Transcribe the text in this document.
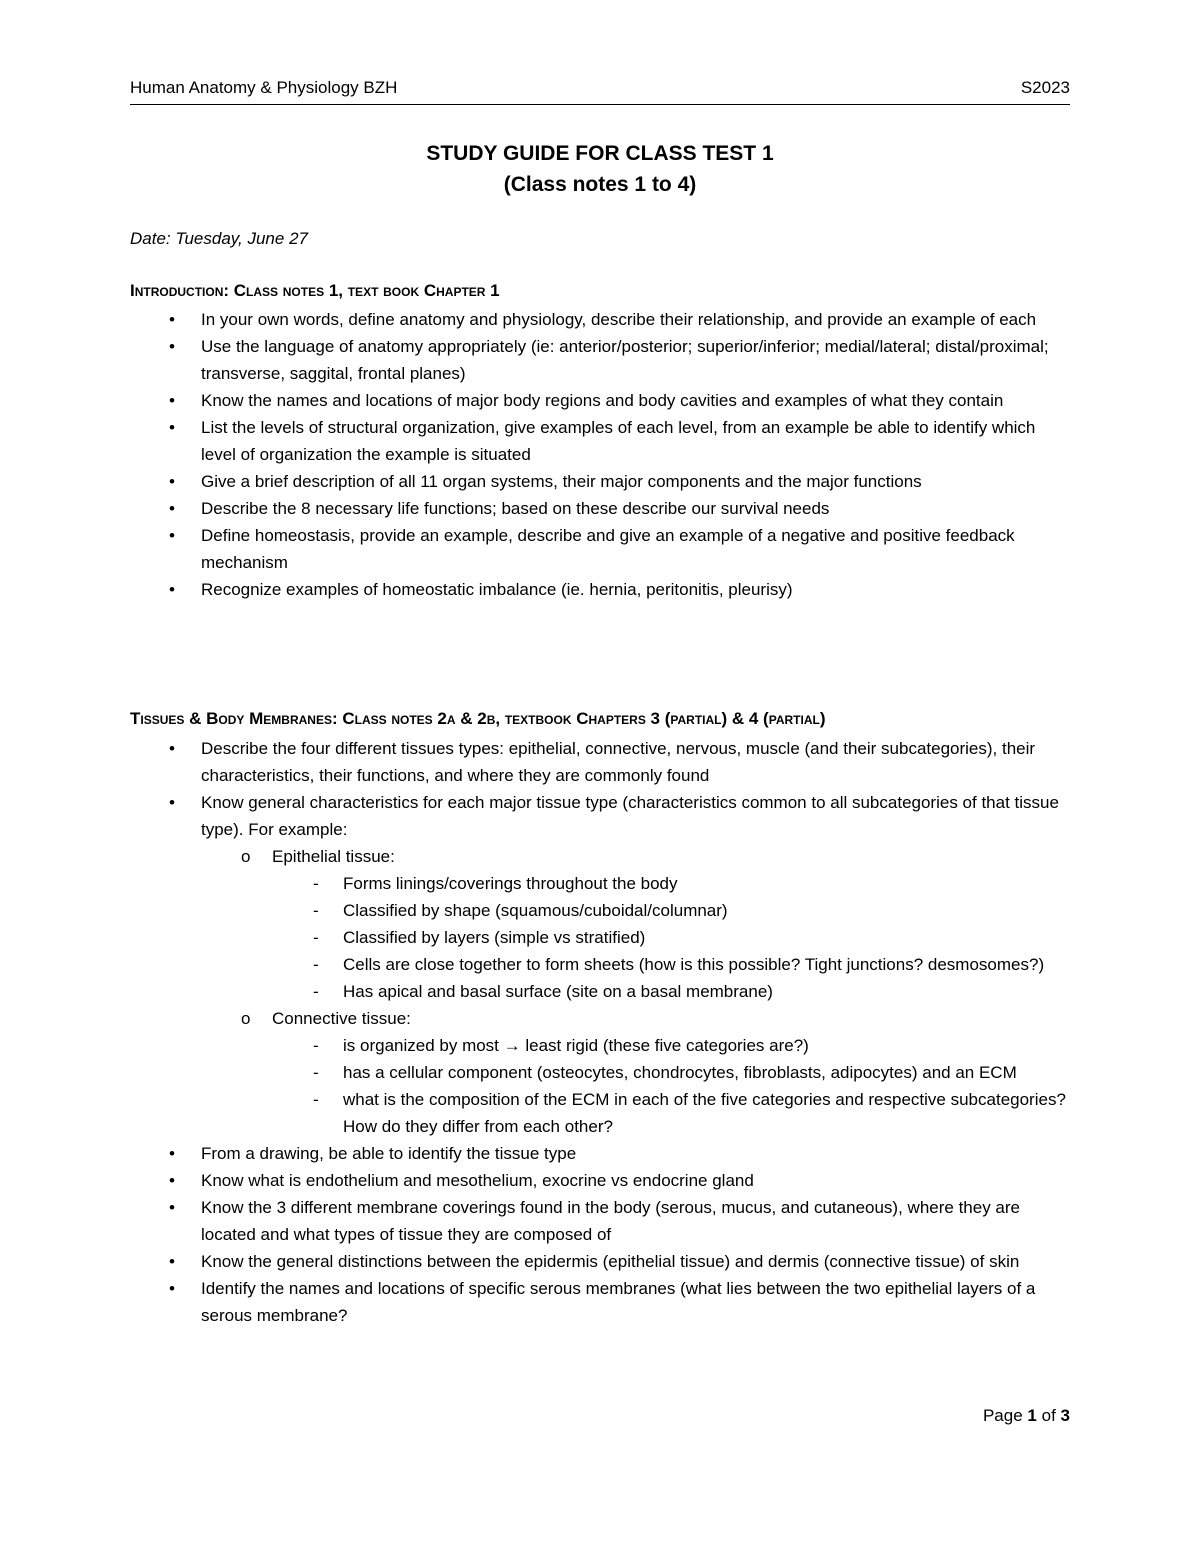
Human Anatomy & Physiology BZH	S2023
STUDY GUIDE FOR CLASS TEST 1
(Class notes 1 to 4)
Date: Tuesday, June 27
Introduction: Class notes 1, text book Chapter 1
• In your own words, define anatomy and physiology, describe their relationship, and provide an example of each
• Use the language of anatomy appropriately (ie: anterior/posterior; superior/inferior; medial/lateral; distal/proximal; transverse, saggital, frontal planes)
• Know the names and locations of major body regions and body cavities and examples of what they contain
• List the levels of structural organization, give examples of each level, from an example be able to identify which level of organization the example is situated
• Give a brief description of all 11 organ systems, their major components and the major functions
• Describe the 8 necessary life functions; based on these describe our survival needs
• Define homeostasis, provide an example, describe and give an example of a negative and positive feedback mechanism
• Recognize examples of homeostatic imbalance (ie. hernia, peritonitis, pleurisy)
Tissues & Body Membranes: Class notes 2a & 2b, textbook Chapters 3 (partial) & 4 (partial)
• Describe the four different tissues types: epithelial, connective, nervous, muscle (and their subcategories), their characteristics, their functions, and where they are commonly found
• Know general characteristics for each major tissue type (characteristics common to all subcategories of that tissue type). For example:
o Epithelial tissue:
- Forms linings/coverings throughout the body
- Classified by shape (squamous/cuboidal/columnar)
- Classified by layers (simple vs stratified)
- Cells are close together to form sheets (how is this possible? Tight junctions? desmosomes?)
- Has apical and basal surface (site on a basal membrane)
o Connective tissue:
- is organized by most → least rigid (these five categories are?)
- has a cellular component (osteocytes, chondrocytes, fibroblasts, adipocytes) and an ECM
- what is the composition of the ECM in each of the five categories and respective subcategories? How do they differ from each other?
• From a drawing, be able to identify the tissue type
• Know what is endothelium and mesothelium, exocrine vs endocrine gland
• Know the 3 different membrane coverings found in the body (serous, mucus, and cutaneous), where they are located and what types of tissue they are composed of
• Know the general distinctions between the epidermis (epithelial tissue) and dermis (connective tissue) of skin
• Identify the names and locations of specific serous membranes (what lies between the two epithelial layers of a serous membrane?
Page 1 of 3
